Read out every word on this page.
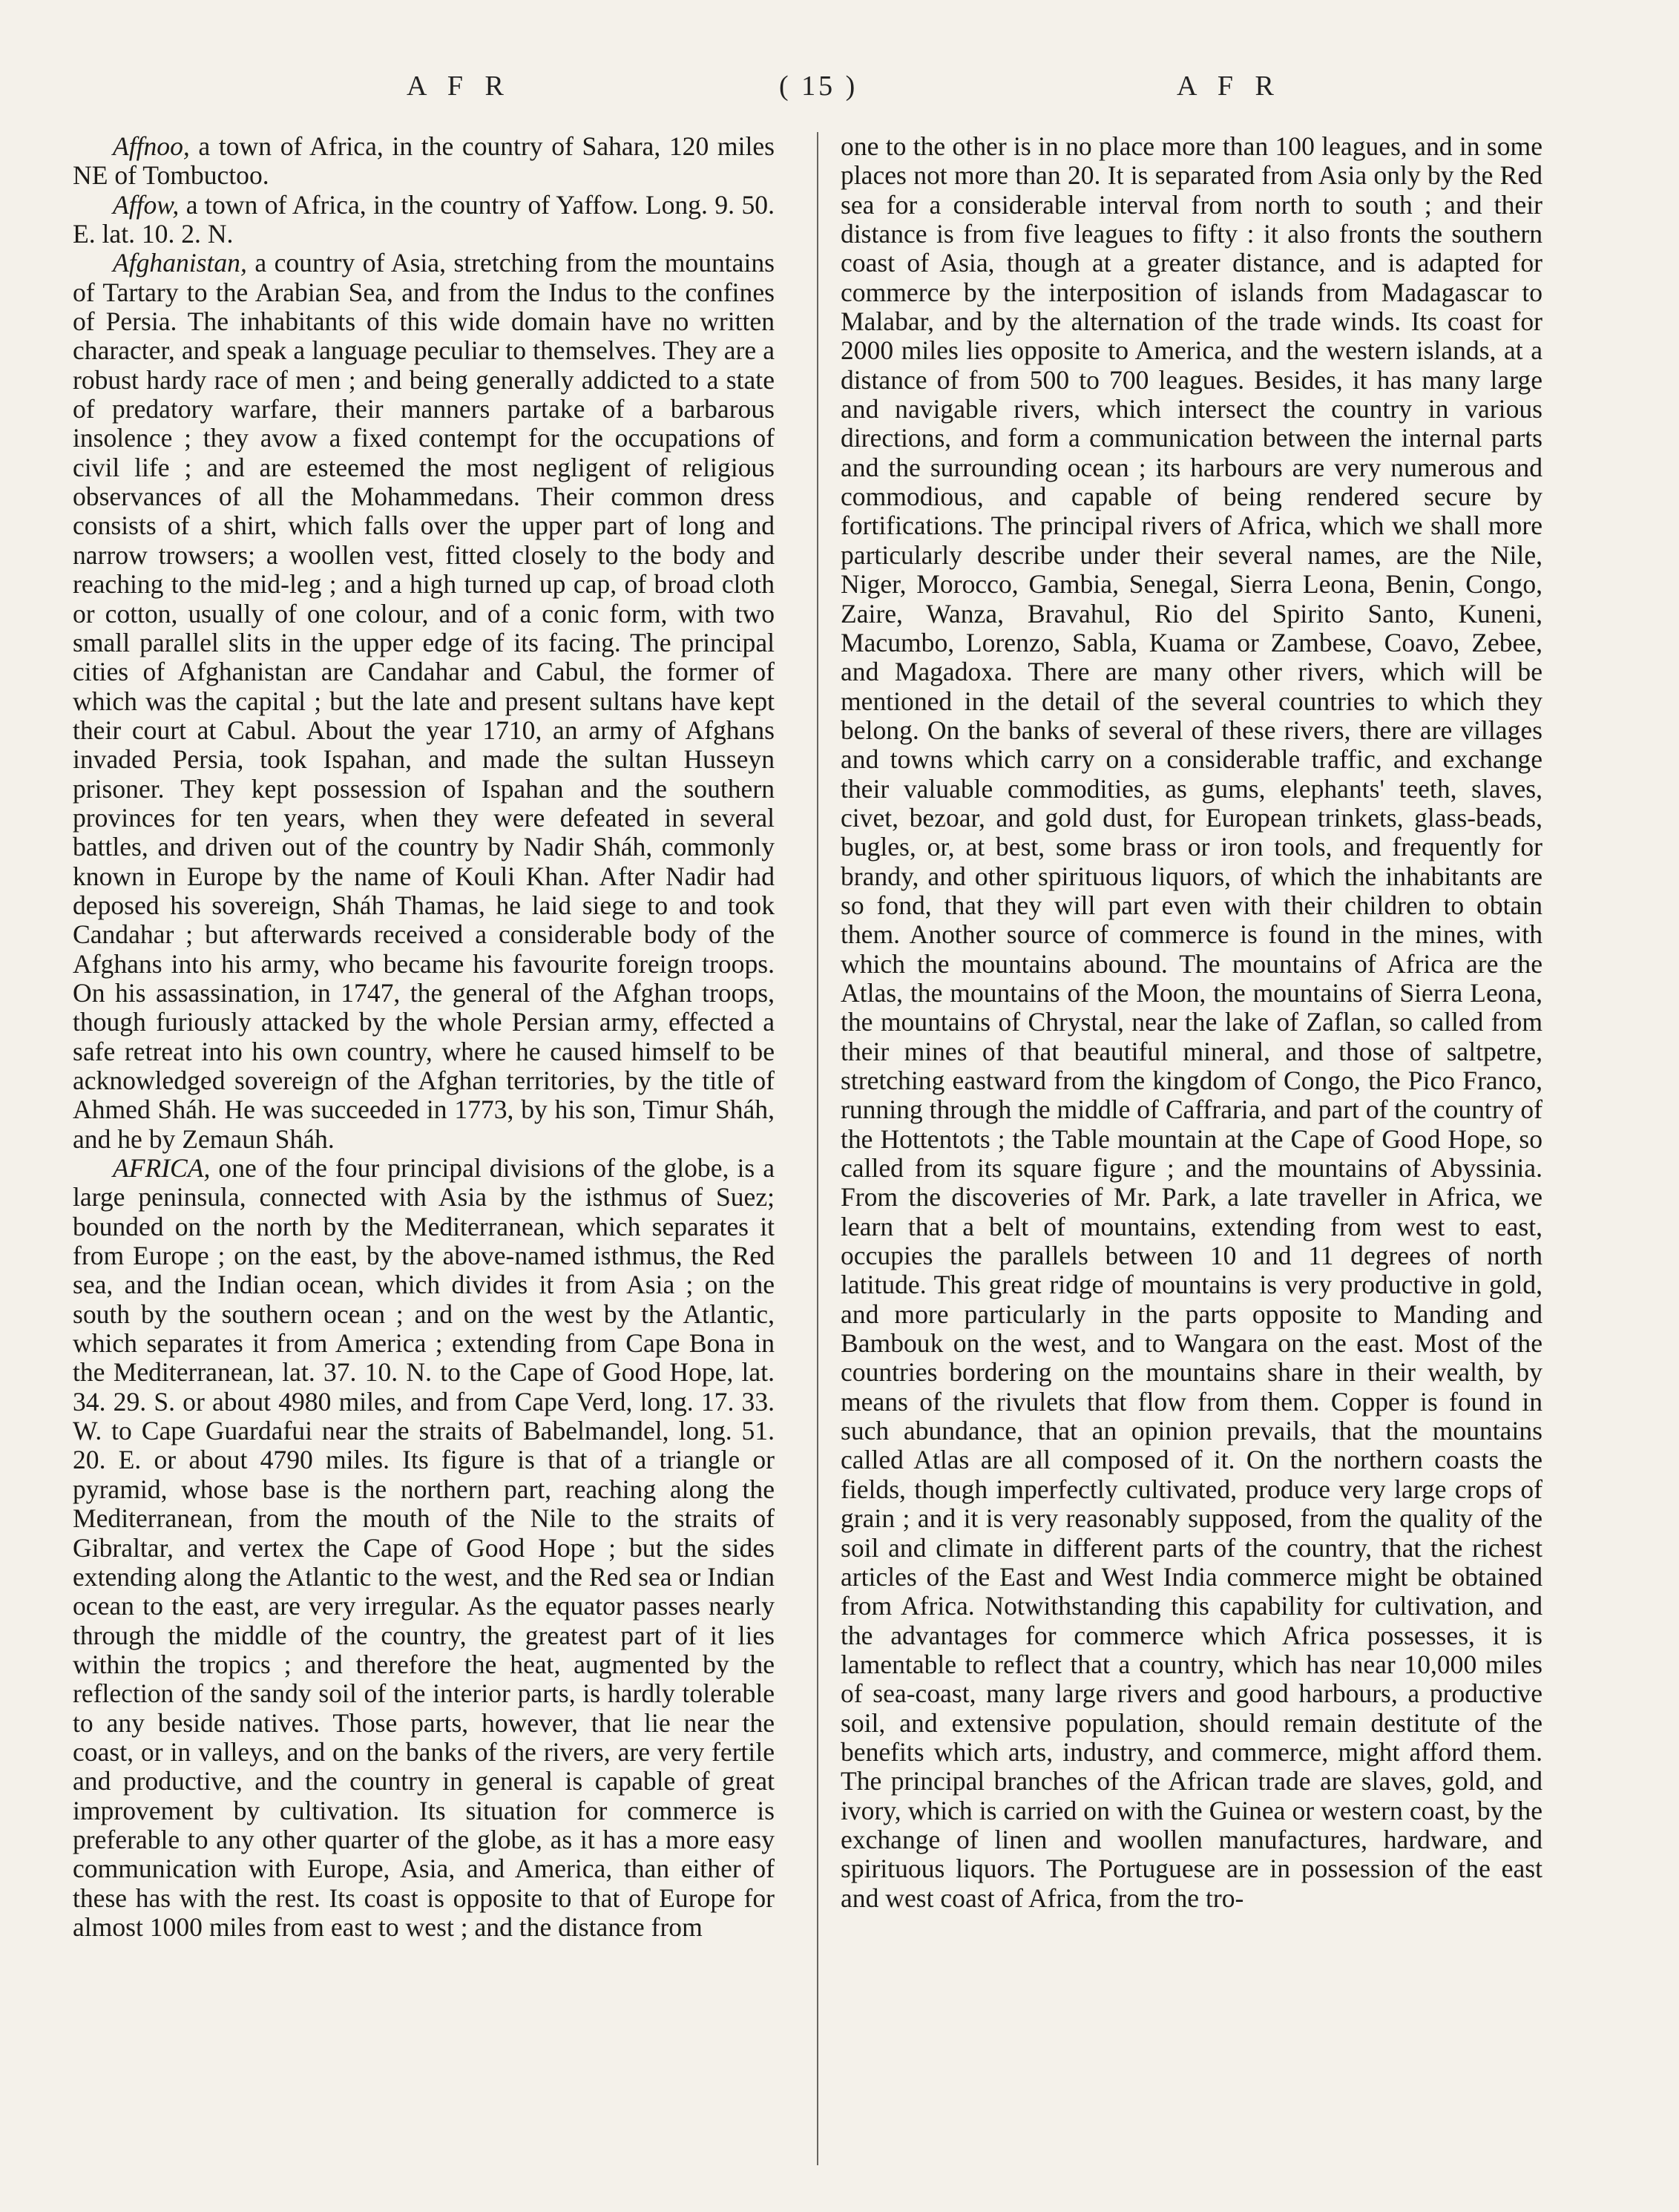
A F R	( 15 )	A F R

Affnoo, a town of Africa, in the country of Sahara, 120 miles NE of Tombuctoo.

Affow, a town of Africa, in the country of Yaffow. Long. 9. 50. E. lat. 10. 2. N.

Afghanistan, a country of Asia, stretching from the mountains of Tartary to the Arabian Sea, and from the Indus to the confines of Persia. The inhabitants of this wide domain have no written character, and speak a language peculiar to themselves. They are a robust hardy race of men ; and being generally addicted to a state of predatory warfare, their manners partake of a barbarous insolence ; they avow a fixed contempt for the occupations of civil life ; and are esteemed the most negligent of religious observances of all the Mohammedans. Their common dress consists of a shirt, which falls over the upper part of long and narrow trowsers; a woollen vest, fitted closely to the body and reaching to the mid-leg ; and a high turned up cap, of broad cloth or cotton, usually of one colour, and of a conic form, with two small parallel slits in the upper edge of its facing. The principal cities of Afghanistan are Candahar and Cabul, the former of which was the capital ; but the late and present sultans have kept their court at Cabul. About the year 1710, an army of Afghans invaded Persia, took Ispahan, and made the sultan Husseyn prisoner. They kept possession of Ispahan and the southern provinces for ten years, when they were defeated in several battles, and driven out of the country by Nadir Sháh, commonly known in Europe by the name of Kouli Khan. After Nadir had deposed his sovereign, Sháh Thamas, he laid siege to and took Candahar ; but afterwards received a considerable body of the Afghans into his army, who became his favourite foreign troops. On his assassination, in 1747, the general of the Afghan troops, though furiously attacked by the whole Persian army, effected a safe retreat into his own country, where he caused himself to be acknowledged sovereign of the Afghan territories, by the title of Ahmed Sháh. He was succeeded in 1773, by his son, Timur Sháh, and he by Zemaun Sháh.

AFRICA, one of the four principal divisions of the globe, is a large peninsula, connected with Asia by the isthmus of Suez; bounded on the north by the Mediterranean, which separates it from Europe ; on the east, by the above-named isthmus, the Red sea, and the Indian ocean, which divides it from Asia ; on the south by the southern ocean ; and on the west by the Atlantic, which separates it from America ; extending from Cape Bona in the Mediterranean, lat. 37. 10. N. to the Cape of Good Hope, lat. 34. 29. S. or about 4980 miles, and from Cape Verd, long. 17. 33. W. to Cape Guardafui near the straits of Babelmandel, long. 51. 20. E. or about 4790 miles. Its figure is that of a triangle or pyramid, whose base is the northern part, reaching along the Mediterranean, from the mouth of the Nile to the straits of Gibraltar, and vertex the Cape of Good Hope ; but the sides extending along the Atlantic to the west, and the Red sea or Indian ocean to the east, are very irregular. As the equator passes nearly through the middle of the country, the greatest part of it lies within the tropics ; and therefore the heat, augmented by the reflection of the sandy soil of the interior parts, is hardly tolerable to any beside natives. Those parts, however, that lie near the coast, or in valleys, and on the banks of the rivers, are very fertile and productive, and the country in general is capable of great improvement by cultivation. Its situation for commerce is preferable to any other quarter of the globe, as it has a more easy communication with Europe, Asia, and America, than either of these has with the rest. Its coast is opposite to that of Europe for almost 1000 miles from east to west ; and the distance from

one to the other is in no place more than 100 leagues, and in some places not more than 20. It is separated from Asia only by the Red sea for a considerable interval from north to south ; and their distance is from five leagues to fifty : it also fronts the southern coast of Asia, though at a greater distance, and is adapted for commerce by the interposition of islands from Madagascar to Malabar, and by the alternation of the trade winds. Its coast for 2000 miles lies opposite to America, and the western islands, at a distance of from 500 to 700 leagues. Besides, it has many large and navigable rivers, which intersect the country in various directions, and form a communication between the internal parts and the surrounding ocean ; its harbours are very numerous and commodious, and capable of being rendered secure by fortifications. The principal rivers of Africa, which we shall more particularly describe under their several names, are the Nile, Niger, Morocco, Gambia, Senegal, Sierra Leona, Benin, Congo, Zaire, Wanza, Bravahul, Rio del Spirito Santo, Kuneni, Macumbo, Lorenzo, Sabla, Kuama or Zambese, Coavo, Zebee, and Magadoxa. There are many other rivers, which will be mentioned in the detail of the several countries to which they belong. On the banks of several of these rivers, there are villages and towns which carry on a considerable traffic, and exchange their valuable commodities, as gums, elephants' teeth, slaves, civet, bezoar, and gold dust, for European trinkets, glass-beads, bugles, or, at best, some brass or iron tools, and frequently for brandy, and other spirituous liquors, of which the inhabitants are so fond, that they will part even with their children to obtain them. Another source of commerce is found in the mines, with which the mountains abound. The mountains of Africa are the Atlas, the mountains of the Moon, the mountains of Sierra Leona, the mountains of Chrystal, near the lake of Zaflan, so called from their mines of that beautiful mineral, and those of saltpetre, stretching eastward from the kingdom of Congo, the Pico Franco, running through the middle of Caffraria, and part of the country of the Hottentots ; the Table mountain at the Cape of Good Hope, so called from its square figure ; and the mountains of Abyssinia. From the discoveries of Mr. Park, a late traveller in Africa, we learn that a belt of mountains, extending from west to east, occupies the parallels between 10 and 11 degrees of north latitude. This great ridge of mountains is very productive in gold, and more particularly in the parts opposite to Manding and Bambouk on the west, and to Wangara on the east. Most of the countries bordering on the mountains share in their wealth, by means of the rivulets that flow from them. Copper is found in such abundance, that an opinion prevails, that the mountains called Atlas are all composed of it. On the northern coasts the fields, though imperfectly cultivated, produce very large crops of grain ; and it is very reasonably supposed, from the quality of the soil and climate in different parts of the country, that the richest articles of the East and West India commerce might be obtained from Africa. Notwithstanding this capability for cultivation, and the advantages for commerce which Africa possesses, it is lamentable to reflect that a country, which has near 10,000 miles of sea-coast, many large rivers and good harbours, a productive soil, and extensive population, should remain destitute of the benefits which arts, industry, and commerce, might afford them. The principal branches of the African trade are slaves, gold, and ivory, which is carried on with the Guinea or western coast, by the exchange of linen and woollen manufactures, hardware, and spirituous liquors. The Portuguese are in possession of the east and west coast of Africa, from the tro-
